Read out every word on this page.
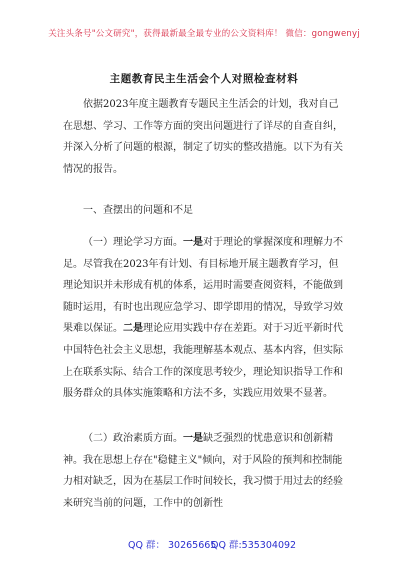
关注头条号"公文研究"，获得最新最全最专业的公文资料库！ 微信：gongwenyj
主题教育民主生活会个人对照检查材料

依据2023年度主题教育专题民主生活会的计划，我对自己在思想、学习、工作等方面的突出问题进行了详尽的自查自纠，并深入分析了问题的根源，制定了切实的整改措施。以下为有关情况的报告。

一、查摆出的问题和不足

（一）理论学习方面。一是对于理论的掌握深度和理解力不足。尽管我在2023年有计划、有目标地开展主题教育学习，但理论知识并未形成有机的体系，运用时需要查阅资料，不能做到随时运用，有时也出现应急学习、即学即用的情况，导致学习效果难以保证。二是理论应用实践中存在差距。对于习近平新时代中国特色社会主义思想，我能理解基本观点、基本内容，但实际上在联系实际、结合工作的深度思考较少，理论知识指导工作和服务群众的具体实施策略和方法不多，实践应用效果不显著。

（二）政治素质方面。一是缺乏强烈的忧患意识和创新精神。我在思想上存在"稳健主义"倾向，对于风险的预判和控制能力相对缺乏，因为在基层工作时间较长，我习惯于用过去的经验来研究当前的问题，工作中的创新性

QQ 群： 30265665
QQ 群:535304092
